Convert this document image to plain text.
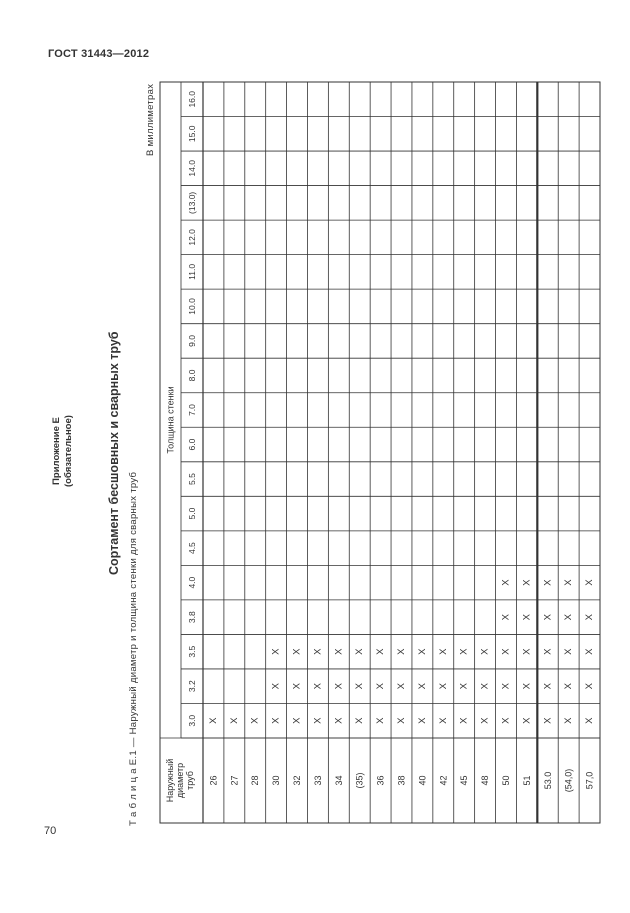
ГОСТ 31443—2012
Приложение Е (обязательное)	Сортамент бесшовных и сварных труб
Т а б л и ц а Е.1 — Наружный диаметр и толщина стенки для сварных труб
В миллиметрах
Толщина стенки
Наружный диаметр труб
3.0
3.2
3.5
3.8
4.0
4.5
5.0
5.5
6.0
7.0
8.0
9.0
10.0
11.0
12.0
(13.0)
14.0
15.0
16.0
26 27 28 30 32 33 34 (35) 36 38 40 42 45 48 50 51 53.0 (54,0) 57,0
X X X X
X
X
X
X
X
X
X
X
X
X
X
X
X
X
X
X
X
X
X
X
X
X
X
X
X
X
X
X
X
X
X
X
X
X
X
X
X
X
X
X
X
X
X
X
X
X
X
X
X
X
X
X
X
X
X
X
X
70
